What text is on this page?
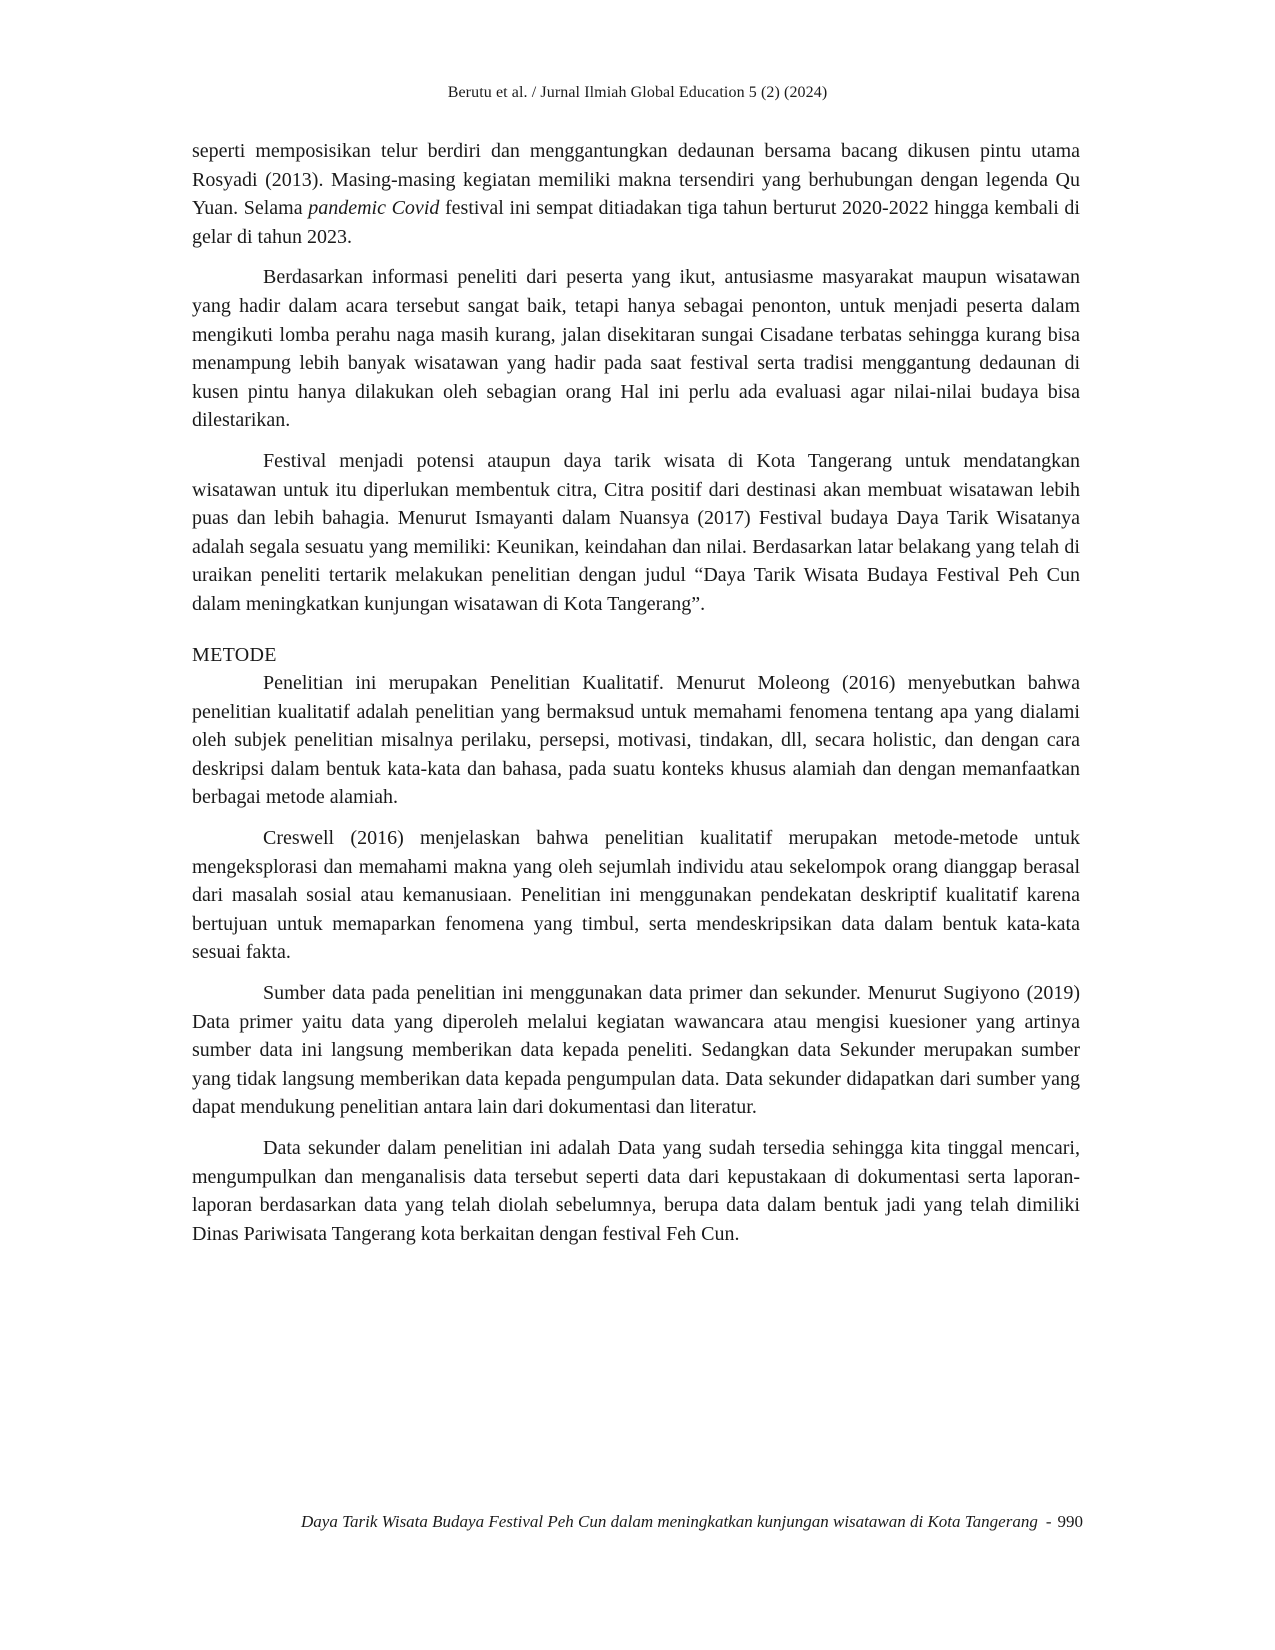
Berutu et al. / Jurnal Ilmiah Global Education 5 (2) (2024)

seperti memposisikan telur berdiri dan menggantungkan dedaunan bersama bacang dikusen pintu utama Rosyadi (2013). Masing-masing kegiatan memiliki makna tersendiri yang berhubungan dengan legenda Qu Yuan. Selama pandemic Covid festival ini sempat ditiadakan tiga tahun berturut 2020-2022 hingga kembali di gelar di tahun 2023.

Berdasarkan informasi peneliti dari peserta yang ikut, antusiasme masyarakat maupun wisatawan yang hadir dalam acara tersebut sangat baik, tetapi hanya sebagai penonton, untuk menjadi peserta dalam mengikuti lomba perahu naga masih kurang, jalan disekitaran sungai Cisadane terbatas sehingga kurang bisa menampung lebih banyak wisatawan yang hadir pada saat festival serta tradisi menggantung dedaunan di kusen pintu hanya dilakukan oleh sebagian orang Hal ini perlu ada evaluasi agar nilai-nilai budaya bisa dilestarikan.

Festival menjadi potensi ataupun daya tarik wisata di Kota Tangerang untuk mendatangkan wisatawan untuk itu diperlukan membentuk citra, Citra positif dari destinasi akan membuat wisatawan lebih puas dan lebih bahagia. Menurut Ismayanti dalam Nuansya (2017) Festival budaya Daya Tarik Wisatanya adalah segala sesuatu yang memiliki: Keunikan, keindahan dan nilai. Berdasarkan latar belakang yang telah di uraikan peneliti tertarik melakukan penelitian dengan judul “Daya Tarik Wisata Budaya Festival Peh Cun dalam meningkatkan kunjungan wisatawan di Kota Tangerang”.

METODE

Penelitian ini merupakan Penelitian Kualitatif. Menurut Moleong (2016) menyebutkan bahwa penelitian kualitatif adalah penelitian yang bermaksud untuk memahami fenomena tentang apa yang dialami oleh subjek penelitian misalnya perilaku, persepsi, motivasi, tindakan, dll, secara holistic, dan dengan cara deskripsi dalam bentuk kata-kata dan bahasa, pada suatu konteks khusus alamiah dan dengan memanfaatkan berbagai metode alamiah.

Creswell (2016) menjelaskan bahwa penelitian kualitatif merupakan metode-metode untuk mengeksplorasi dan memahami makna yang oleh sejumlah individu atau sekelompok orang dianggap berasal dari masalah sosial atau kemanusiaan. Penelitian ini menggunakan pendekatan deskriptif kualitatif karena bertujuan untuk memaparkan fenomena yang timbul, serta mendeskripsikan data dalam bentuk kata-kata sesuai fakta.

Sumber data pada penelitian ini menggunakan data primer dan sekunder. Menurut Sugiyono (2019) Data primer yaitu data yang diperoleh melalui kegiatan wawancara atau mengisi kuesioner yang artinya sumber data ini langsung memberikan data kepada peneliti. Sedangkan data Sekunder merupakan sumber yang tidak langsung memberikan data kepada pengumpulan data. Data sekunder didapatkan dari sumber yang dapat mendukung penelitian antara lain dari dokumentasi dan literatur.

Data sekunder dalam penelitian ini adalah Data yang sudah tersedia sehingga kita tinggal mencari, mengumpulkan dan menganalisis data tersebut seperti data dari kepustakaan di dokumentasi serta laporan-laporan berdasarkan data yang telah diolah sebelumnya, berupa data dalam bentuk jadi yang telah dimiliki Dinas Pariwisata Tangerang kota berkaitan dengan festival Feh Cun.

Daya Tarik Wisata Budaya Festival Peh Cun dalam meningkatkan kunjungan wisatawan di Kota Tangerang - 990
